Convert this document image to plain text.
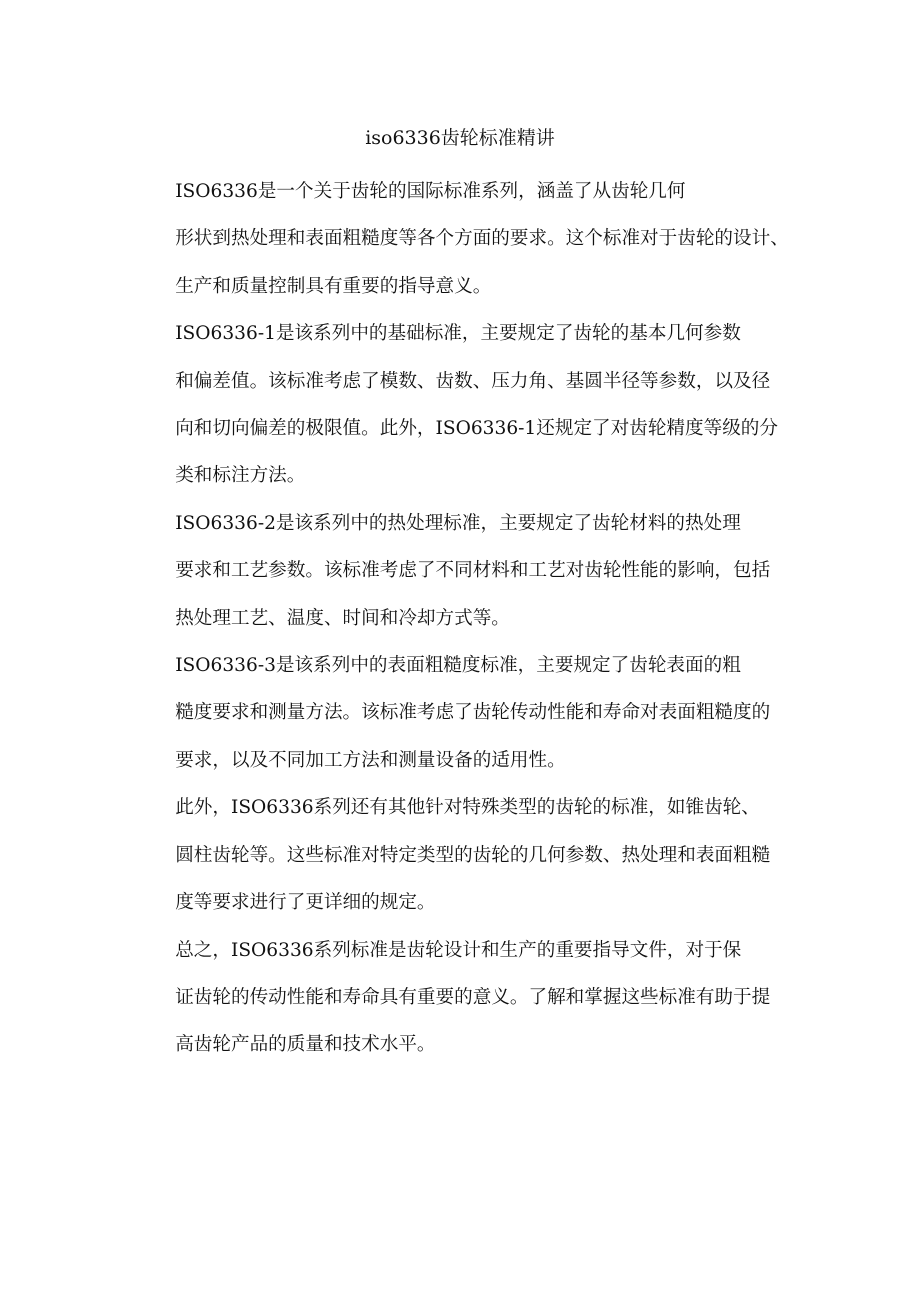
iso6336齿轮标准精讲

ISO6336是一个关于齿轮的国际标准系列，涵盖了从齿轮几何
形状到热处理和表面粗糙度等各个方面的要求。这个标准对于齿轮的设计、
生产和质量控制具有重要的指导意义。

ISO6336-1是该系列中的基础标准，主要规定了齿轮的基本几何参数
和偏差值。该标准考虑了模数、齿数、压力角、基圆半径等参数，以及径
向和切向偏差的极限值。此外，ISO6336-1还规定了对齿轮精度等级的分
类和标注方法。

ISO6336-2是该系列中的热处理标准，主要规定了齿轮材料的热处理
要求和工艺参数。该标准考虑了不同材料和工艺对齿轮性能的影响，包括
热处理工艺、温度、时间和冷却方式等。

ISO6336-3是该系列中的表面粗糙度标准，主要规定了齿轮表面的粗
糙度要求和测量方法。该标准考虑了齿轮传动性能和寿命对表面粗糙度的
要求，以及不同加工方法和测量设备的适用性。

此外，ISO6336系列还有其他针对特殊类型的齿轮的标准，如锥齿轮、
圆柱齿轮等。这些标准对特定类型的齿轮的几何参数、热处理和表面粗糙
度等要求进行了更详细的规定。

总之，ISO6336系列标准是齿轮设计和生产的重要指导文件，对于保
证齿轮的传动性能和寿命具有重要的意义。了解和掌握这些标准有助于提
高齿轮产品的质量和技术水平。
